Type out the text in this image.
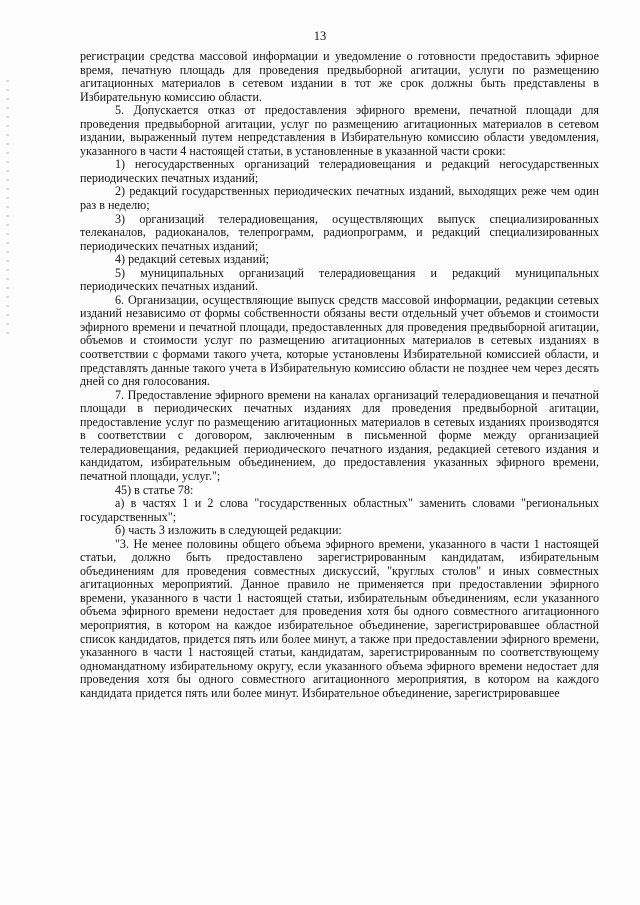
13

регистрации средства массовой информации и уведомление о готовности предоставить эфирное время, печатную площадь для проведения предвыборной агитации, услуги по размещению агитационных материалов в сетевом издании в тот же срок должны быть представлены в Избирательную комиссию области.

5. Допускается отказ от предоставления эфирного времени, печатной площади для проведения предвыборной агитации, услуг по размещению агитационных материалов в сетевом издании, выраженный путем непредставления в Избирательную комиссию области уведомления, указанного в части 4 настоящей статьи, в установленные в указанной части сроки:

1) негосударственных организаций телерадиовещания и редакций негосударственных периодических печатных изданий;

2) редакций государственных периодических печатных изданий, выходящих реже чем один раз в неделю;

3) организаций телерадиовещания, осуществляющих выпуск специализированных телеканалов, радиоканалов, телепрограмм, радиопрограмм, и редакций специализированных периодических печатных изданий;

4) редакций сетевых изданий;

5) муниципальных организаций телерадиовещания и редакций муниципальных периодических печатных изданий.

6. Организации, осуществляющие выпуск средств массовой информации, редакции сетевых изданий независимо от формы собственности обязаны вести отдельный учет объемов и стоимости эфирного времени и печатной площади, предоставленных для проведения предвыборной агитации, объемов и стоимости услуг по размещению агитационных материалов в сетевых изданиях в соответствии с формами такого учета, которые установлены Избирательной комиссией области, и представлять данные такого учета в Избирательную комиссию области не позднее чем через десять дней со дня голосования.

7. Предоставление эфирного времени на каналах организаций телерадиовещания и печатной площади в периодических печатных изданиях для проведения предвыборной агитации, предоставление услуг по размещению агитационных материалов в сетевых изданиях производятся в соответствии с договором, заключенным в письменной форме между организацией телерадиовещания, редакцией периодического печатного издания, редакцией сетевого издания и кандидатом, избирательным объединением, до предоставления указанных эфирного времени, печатной площади, услуг.";

45) в статье 78:

а) в частях 1 и 2 слова "государственных областных" заменить словами "региональных государственных";

б) часть 3 изложить в следующей редакции:

"3. Не менее половины общего объема эфирного времени, указанного в части 1 настоящей статьи, должно быть предоставлено зарегистрированным кандидатам, избирательным объединениям для проведения совместных дискуссий, "круглых столов" и иных совместных агитационных мероприятий. Данное правило не применяется при предоставлении эфирного времени, указанного в части 1 настоящей статьи, избирательным объединениям, если указанного объема эфирного времени недостает для проведения хотя бы одного совместного агитационного мероприятия, в котором на каждое избирательное объединение, зарегистрировавшее областной список кандидатов, придется пять или более минут, а также при предоставлении эфирного времени, указанного в части 1 настоящей статьи, кандидатам, зарегистрированным по соответствующему одномандатному избирательному округу, если указанного объема эфирного времени недостает для проведения хотя бы одного совместного агитационного мероприятия, в котором на каждого кандидата придется пять или более минут. Избирательное объединение, зарегистрировавшее
